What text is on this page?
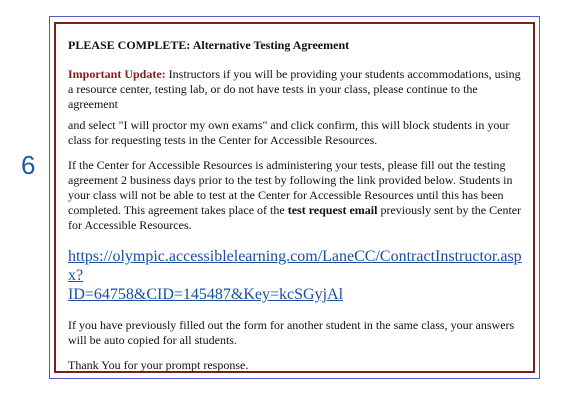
6

PLEASE COMPLETE: Alternative Testing Agreement

Important Update: Instructors if you will be providing your students accommodations, using a resource center, testing lab, or do not have tests in your class, please continue to the agreement

and select "I will proctor my own exams" and click confirm, this will block students in your class for requesting tests in the Center for Accessible Resources.

If the Center for Accessible Resources is administering your tests, please fill out the testing agreement 2 business days prior to the test by following the link provided below. Students in your class will not be able to test at the Center for Accessible Resources until this has been completed. This agreement takes place of the test request email previously sent by the Center for Accessible Resources.

https://olympic.accessiblelearning.com/LaneCC/ContractInstructor.aspx?
ID=64758&CID=145487&Key=kcSGyjAl

If you have previously filled out the form for another student in the same class, your answers will be auto copied for all students.

Thank You for your prompt response.
